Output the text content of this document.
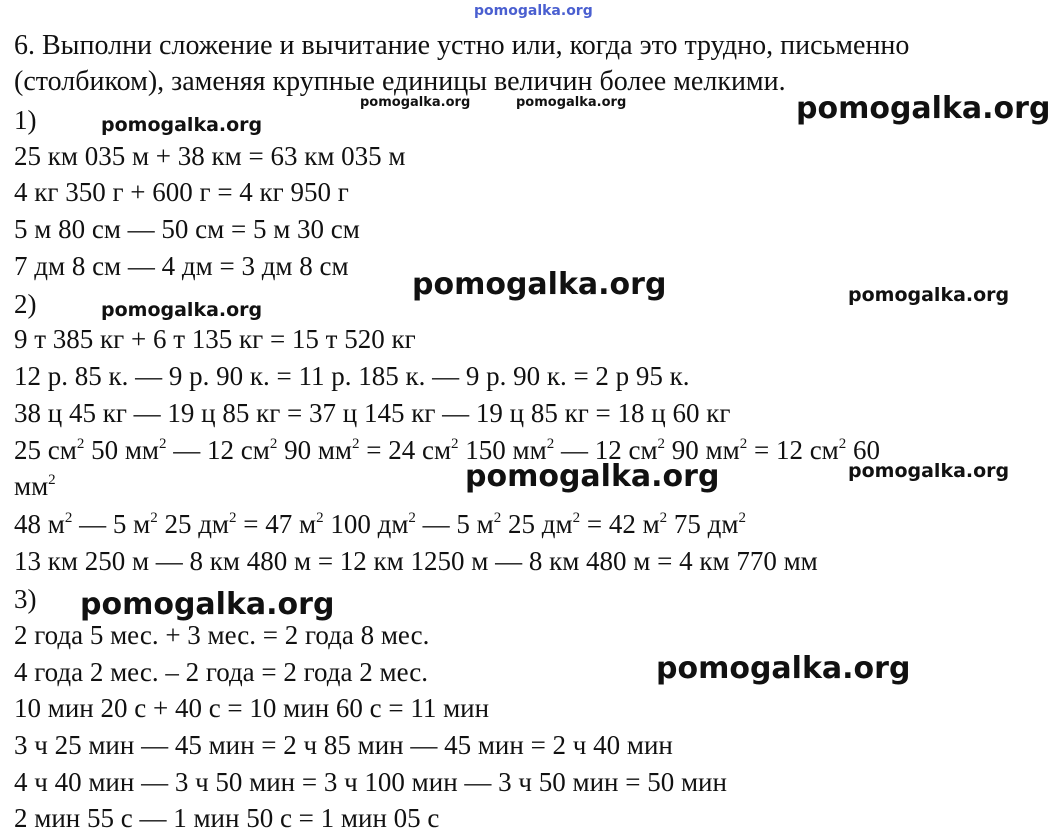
pomogalka.org
6. Выполни сложение и вычитание устно или, когда это трудно, письменно
(столбиком), заменяя крупные единицы величин более мелкими.
1)
25 км 035 м + 38 км = 63 км 035 м
4 кг 350 г + 600 г = 4 кг 950 г
5 м 80 см — 50 см = 5 м 30 см
7 дм 8 см — 4 дм = 3 дм 8 см
2)
9 т 385 кг + 6 т 135 кг = 15 т 520 кг
12 р. 85 к. — 9 р. 90 к. = 11 р. 185 к. — 9 р. 90 к. = 2 р 95 к.
38 ц 45 кг — 19 ц 85 кг = 37 ц 145 кг — 19 ц 85 кг = 18 ц 60 кг
25 $см^2$ 50 $мм^2$ — 12 $см^2$ 90 $мм^2 = 24$ $см^2$ 150 $мм^2$ — 12 $см^2$ 90 $мм^2 = 12$ $см^2$ 60
$мм^2$
48 $м^2$ — 5 $м^2$ 25 $дм^2 = 47$ $м^2$ 100 $дм^2$ — 5 $м^2$ 25 $дм^2 = 42$ $м^2$ 75 $дм^2$
13 км 250 м — 8 км 480 м = 12 км 1250 м — 8 км 480 м = 4 км 770 мм
3)
2 года 5 мес. + 3 мес. = 2 года 8 мес.
4 года 2 мес. – 2 года = 2 года 2 мес.
10 мин 20 с + 40 с = 10 мин 60 с = 11 мин
3 ч 25 мин — 45 мин = 2 ч 85 мин — 45 мин = 2 ч 40 мин
4 ч 40 мин — 3 ч 50 мин = 3 ч 100 мин — 3 ч 50 мин = 50 мин
2 мин 55 с — 1 мин 50 с = 1 мин 05 с
pomogalka.org	pomogalka.org	pomogalka.org
pomogalka.org
pomogalka.org	pomogalka.org
pomogalka.org
pomogalka.org	pomogalka.org
pomogalka.org
pomogalka.org
